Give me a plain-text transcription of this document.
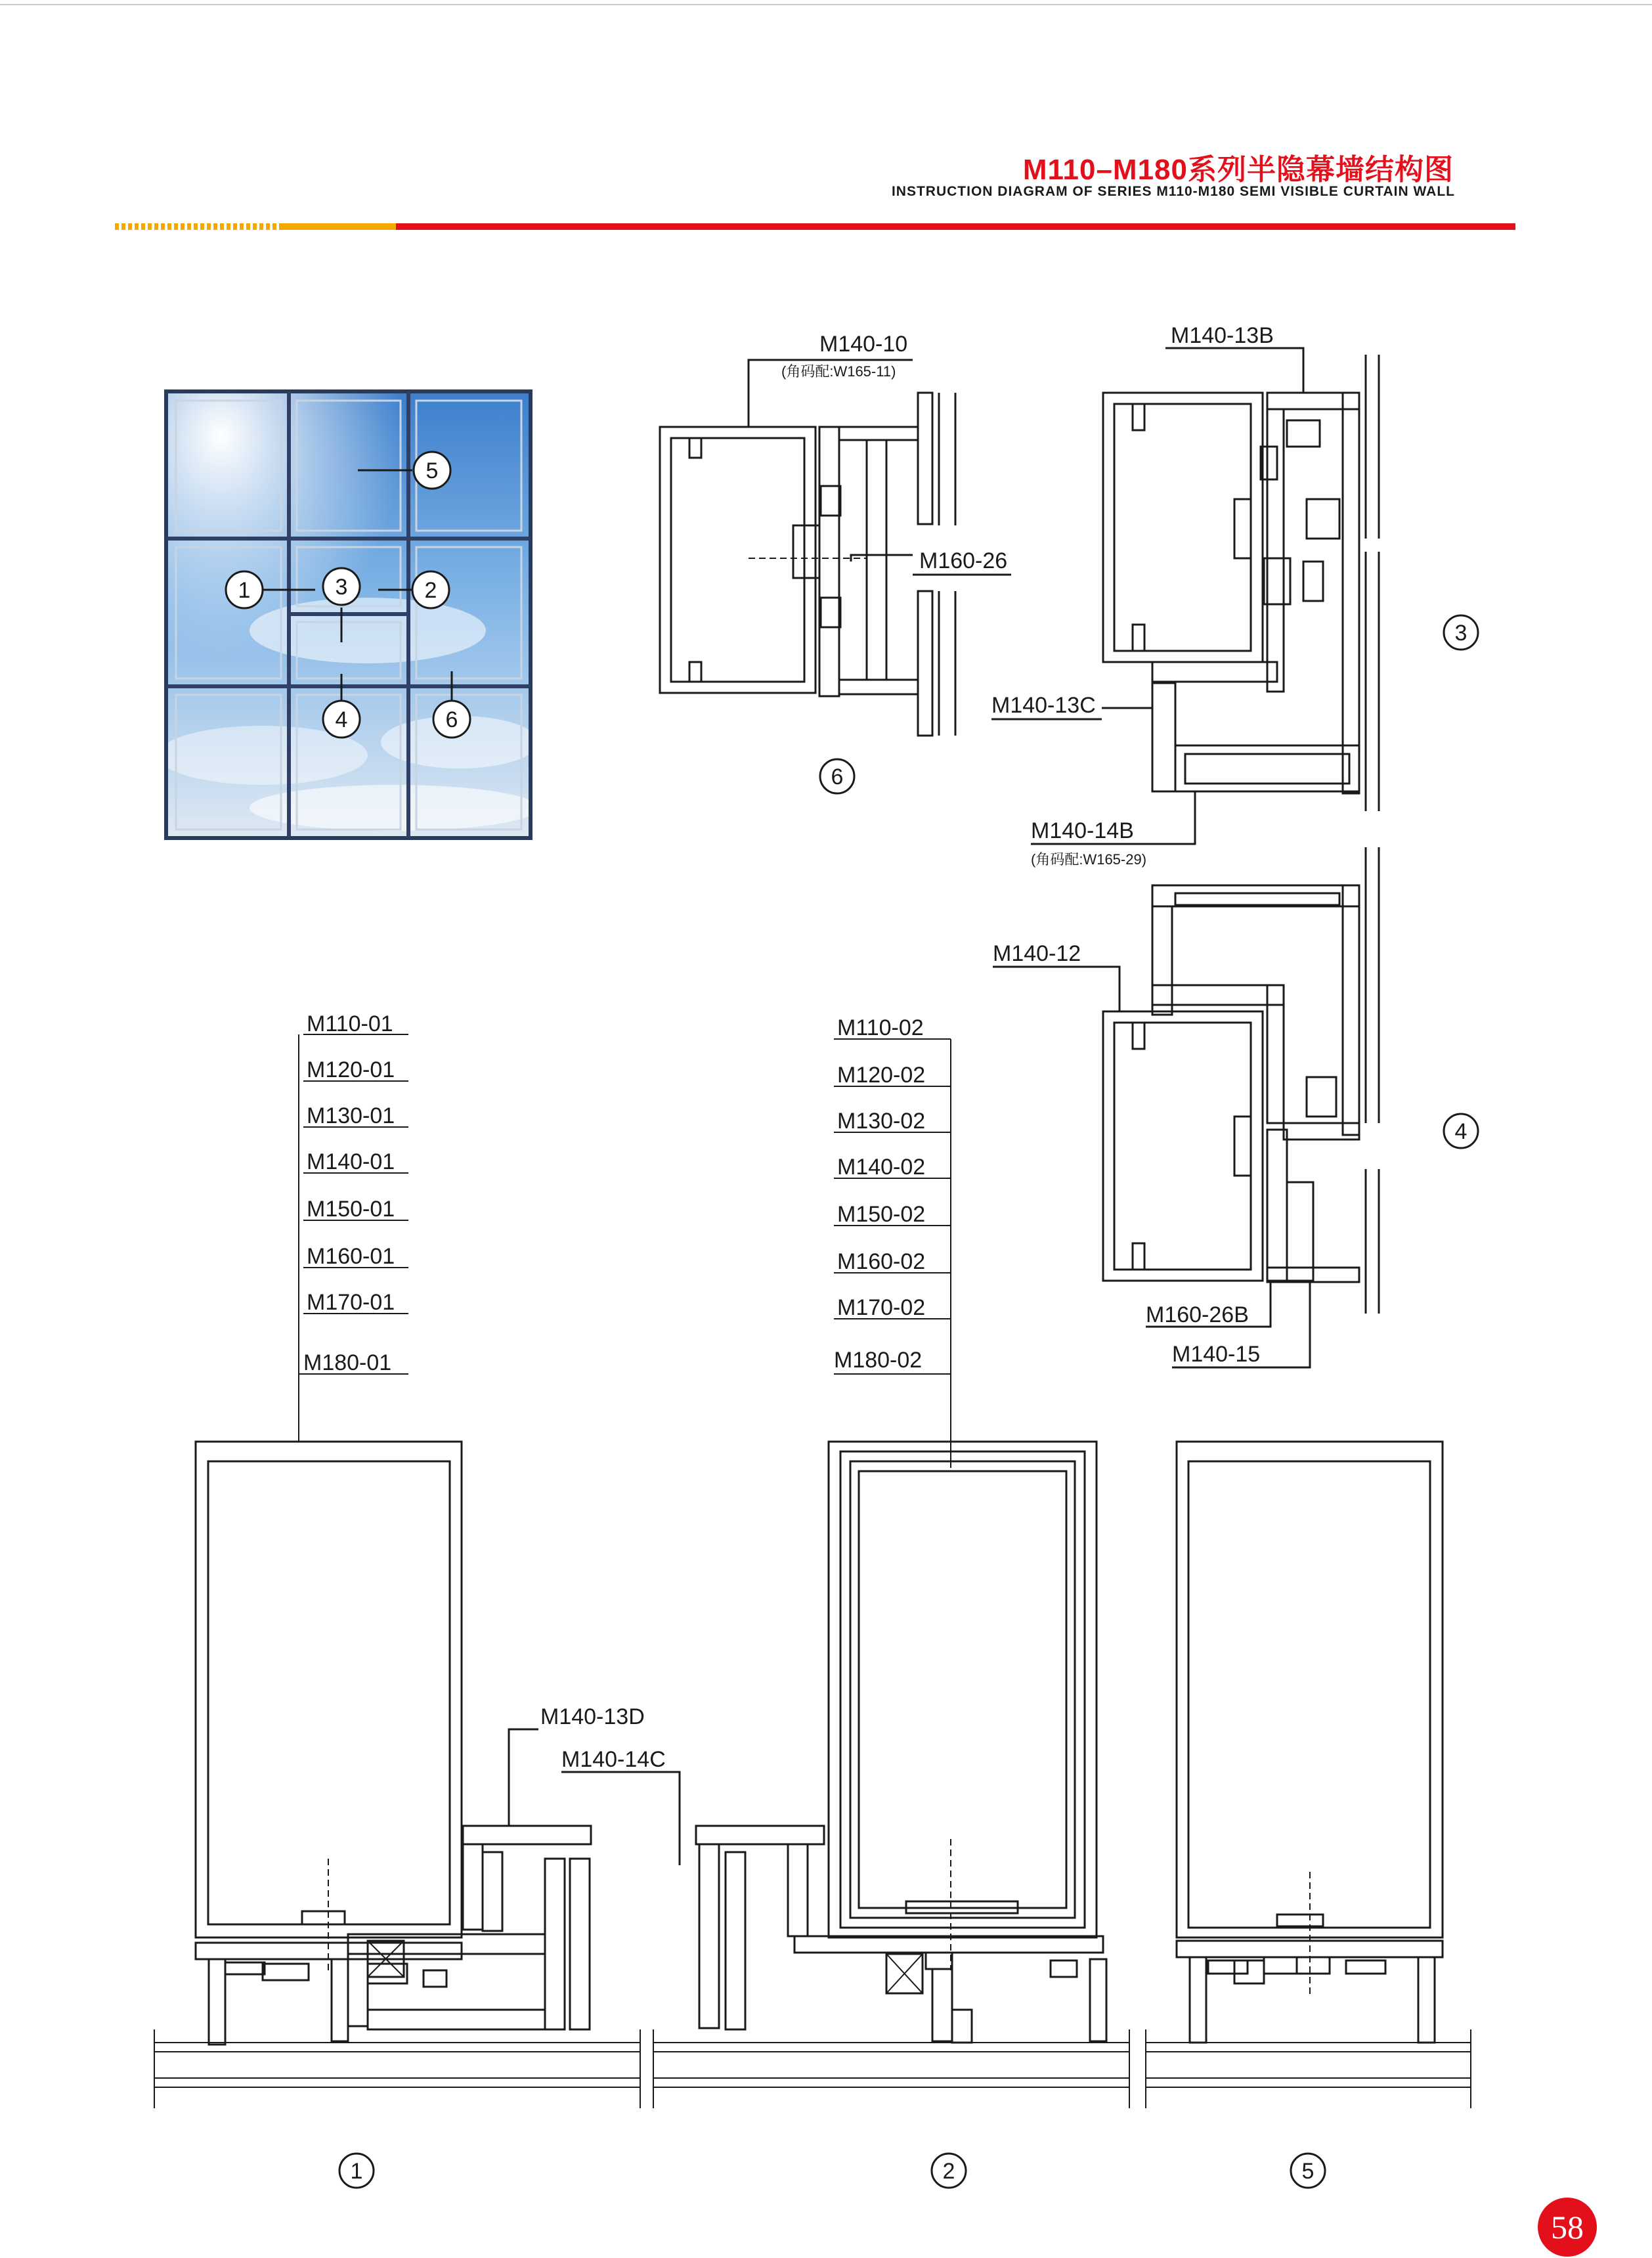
M110–M180系列半隐幕墙结构图
INSTRUCTION DIAGRAM OF SERIES M110-M180 SEMI VISIBLE CURTAIN WALL
5
1	3	2
4	6
M140-10
(角码配:W165-11)
M160-26
6
M140-13B
M140-13C
M140-14B
(角码配:W165-29)
3
M140-12
M160-26B
M140-15
4
M110-01
M120-01
M130-01
M140-01
M150-01
M160-01
M170-01
M180-01
M140-13D
M140-14C
1
M110-02
M120-02
M130-02
M140-02
M150-02
M160-02
M170-02
M180-02
2	5
58
